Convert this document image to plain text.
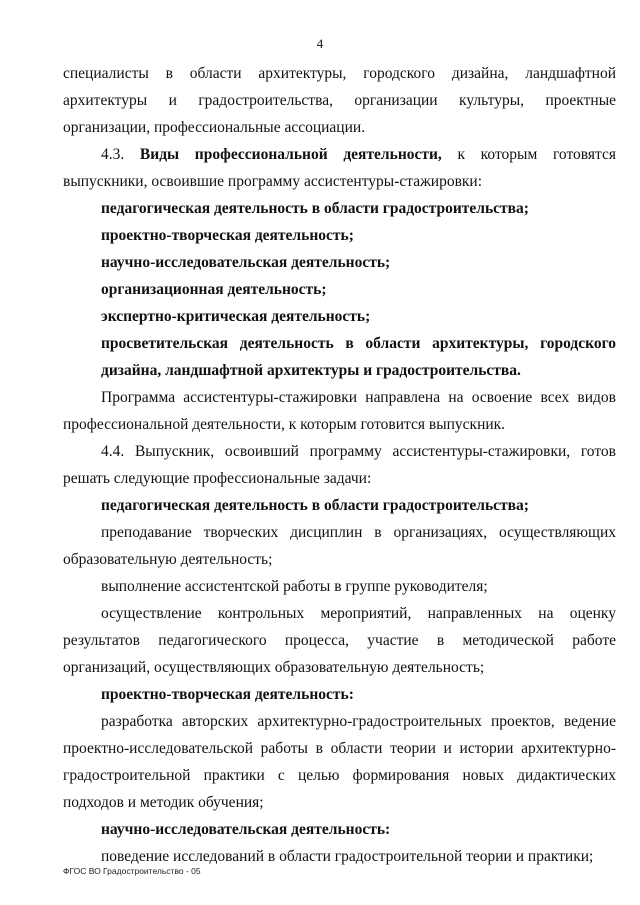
4

специалисты в области архитектуры, городского дизайна, ландшафтной архитектуры и градостроительства, организации культуры, проектные организации, профессиональные ассоциации.

4.3. Виды профессиональной деятельности, к которым готовятся выпускники, освоившие программу ассистентуры-стажировки:

педагогическая деятельность в области градостроительства;

проектно-творческая деятельность;

научно-исследовательская деятельность;

организационная деятельность;

экспертно-критическая деятельность;

просветительская деятельность в области архитектуры, городского дизайна, ландшафтной архитектуры и градостроительства.

Программа ассистентуры-стажировки направлена на освоение всех видов профессиональной деятельности, к которым готовится выпускник.

4.4. Выпускник, освоивший программу ассистентуры-стажировки, готов решать следующие профессиональные задачи:

педагогическая деятельность в области градостроительства;

преподавание творческих дисциплин в организациях, осуществляющих образовательную деятельность;

выполнение ассистентской работы в группе руководителя;

осуществление контрольных мероприятий, направленных на оценку результатов педагогического процесса, участие в методической работе организаций, осуществляющих образовательную деятельность;

проектно-творческая деятельность:

разработка авторских архитектурно-градостроительных проектов, ведение проектно-исследовательской работы в области теории и истории архитектурно-градостроительной практики с целью формирования новых дидактических подходов и методик обучения;

научно-исследовательская деятельность:

поведение исследований в области градостроительной теории и практики;

ФГОС ВО Градостроительство - 05
